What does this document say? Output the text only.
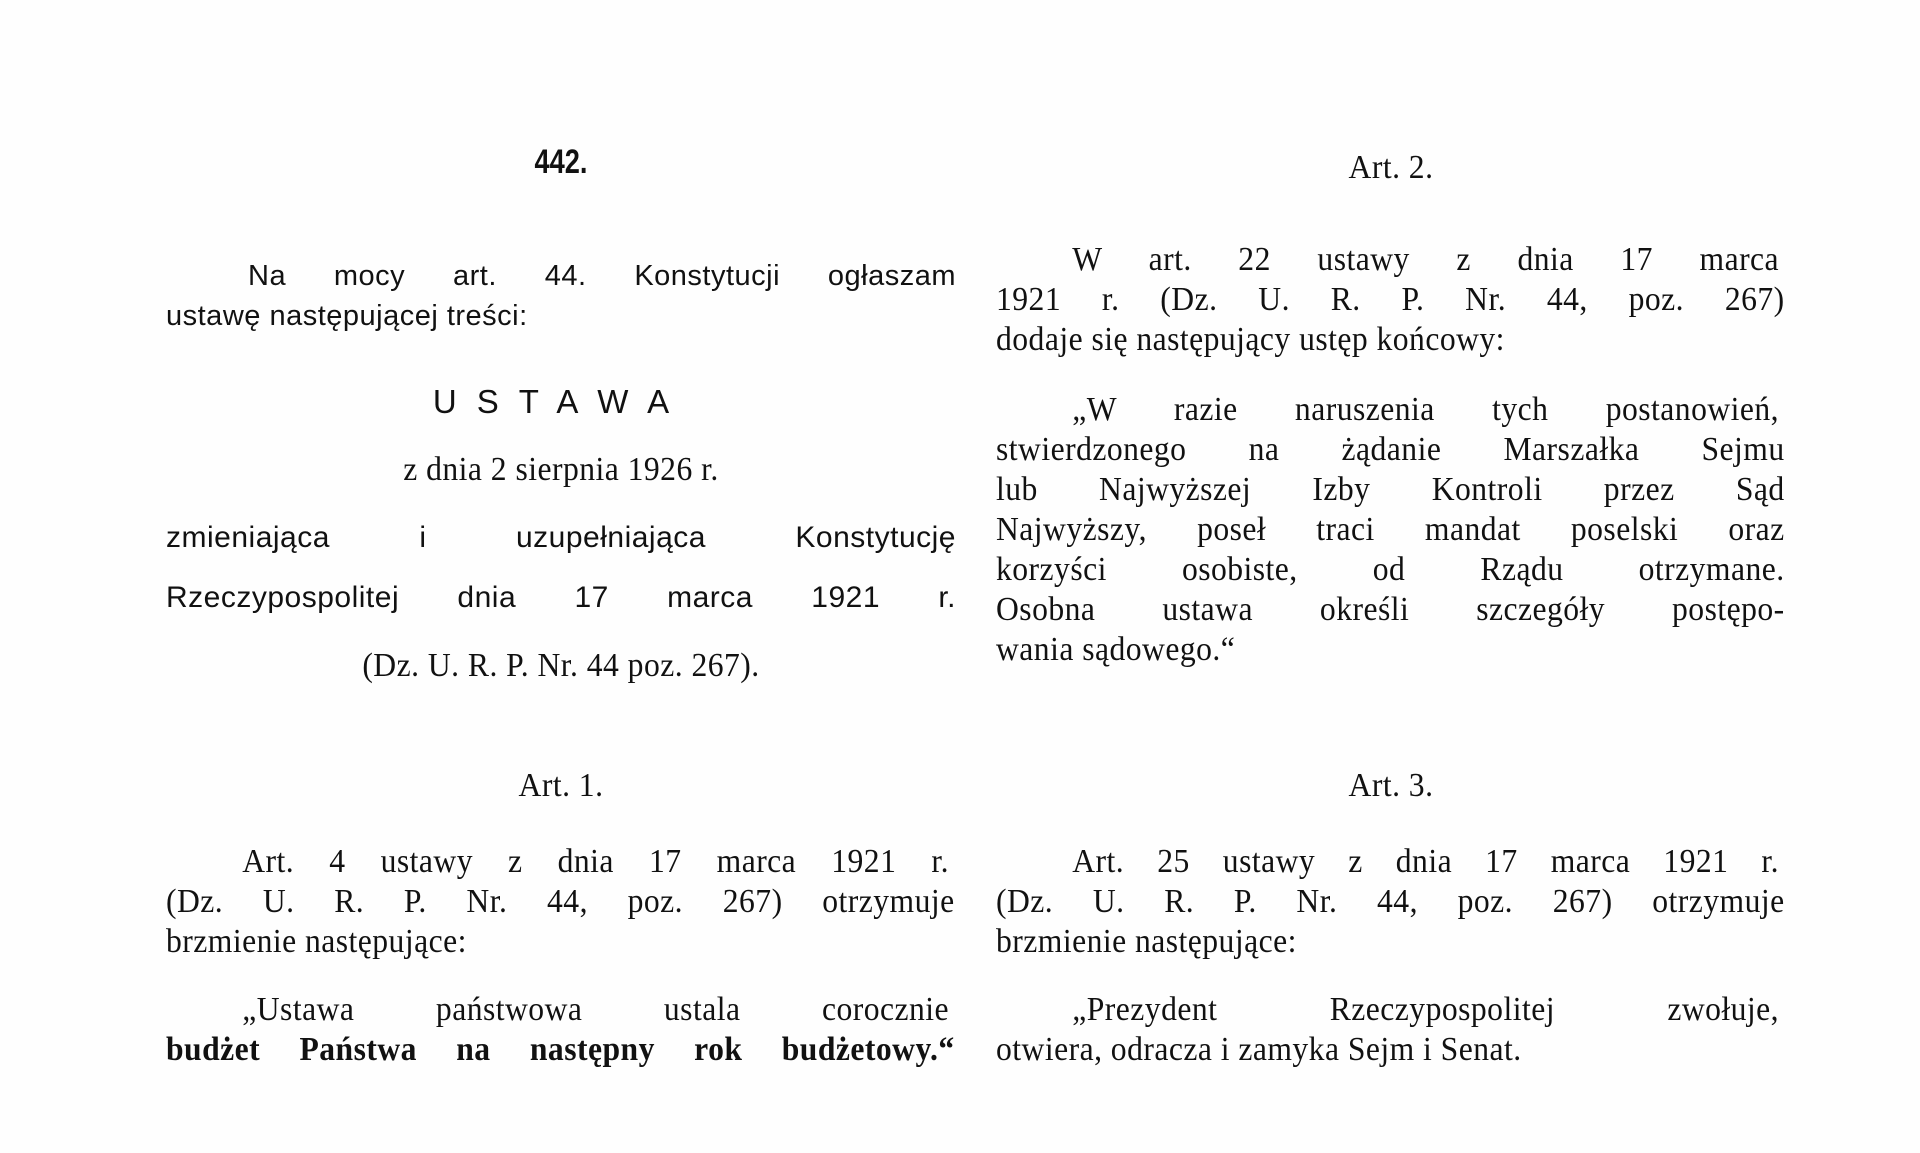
442.
Na mocy art. 44. Konstytucji ogłaszam
ustawę następującej treści:
USTAWA
z dnia 2 sierpnia 1926 r.
zmieniająca i uzupełniająca Konstytucję
Rzeczypospolitej dnia 17 marca 1921 r.
(Dz. U. R. P. Nr. 44 poz. 267).
Art. 1.
Art. 4 ustawy z dnia 17 marca 1921 r.
(Dz. U. R. P. Nr. 44, poz. 267) otrzymuje
brzmienie następujące:
„Ustawa państwowa ustala corocznie
budżet Państwa na następny rok budżetowy.“
Art. 2.
W art. 22 ustawy z dnia 17 marca
1921 r. (Dz. U. R. P. Nr. 44, poz. 267)
dodaje się następujący ustęp końcowy:
„W razie naruszenia tych postanowień,
stwierdzonego na żądanie Marszałka Sejmu
lub Najwyższej Izby Kontroli przez Sąd
Najwyższy, poseł traci mandat poselski oraz
korzyści osobiste, od Rządu otrzymane.
Osobna ustawa określi szczegóły postępo-
wania sądowego.“
Art. 3.
Art. 25 ustawy z dnia 17 marca 1921 r.
(Dz. U. R. P. Nr. 44, poz. 267) otrzymuje
brzmienie następujące:
„Prezydent Rzeczypospolitej zwołuje,
otwiera, odracza i zamyka Sejm i Senat.
